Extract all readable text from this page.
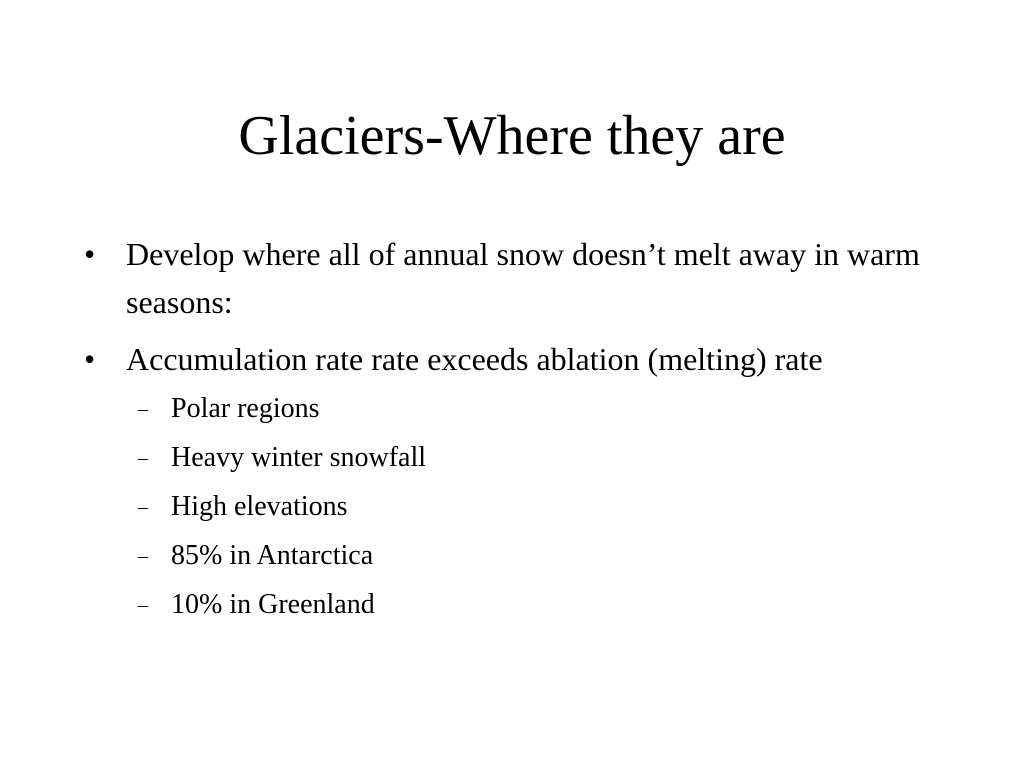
Glaciers-Where they are
• Develop where all of annual snow doesn’t melt away in warm seasons:
• Accumulation rate rate exceeds ablation (melting) rate
– Polar regions
– Heavy winter snowfall
– High elevations
– 85% in Antarctica
– 10% in Greenland
